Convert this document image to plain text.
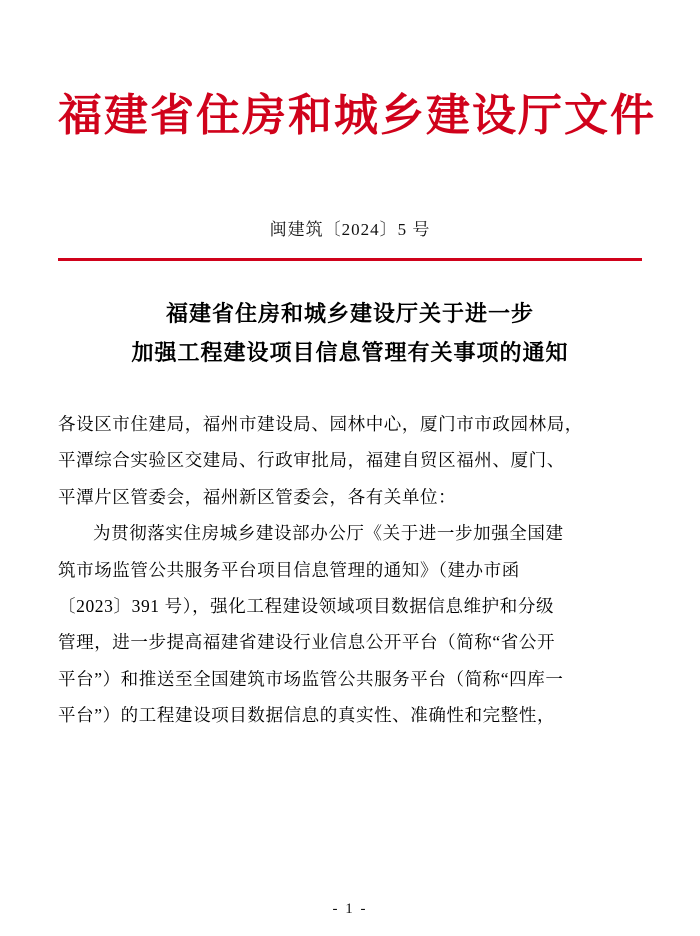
福建省住房和城乡建设厅文件
闽建筑〔2024〕5 号
福建省住房和城乡建设厅关于进一步
加强工程建设项目信息管理有关事项的通知

各设区市住建局，福州市建设局、园林中心，厦门市市政园林局，

平潭综合实验区交建局、行政审批局，福建自贸区福州、厦门、

平潭片区管委会，福州新区管委会，各有关单位：

为贯彻落实住房城乡建设部办公厅《关于进一步加强全国建

筑市场监管公共服务平台项目信息管理的通知》（建办市函

〔2023〕391 号），强化工程建设领域项目数据信息维护和分级

管理，进一步提高福建省建设行业信息公开平台（简称“省公开

平台”）和推送至全国建筑市场监管公共服务平台（简称“四库一

平台”）的工程建设项目数据信息的真实性、准确性和完整性，

- 1 -
